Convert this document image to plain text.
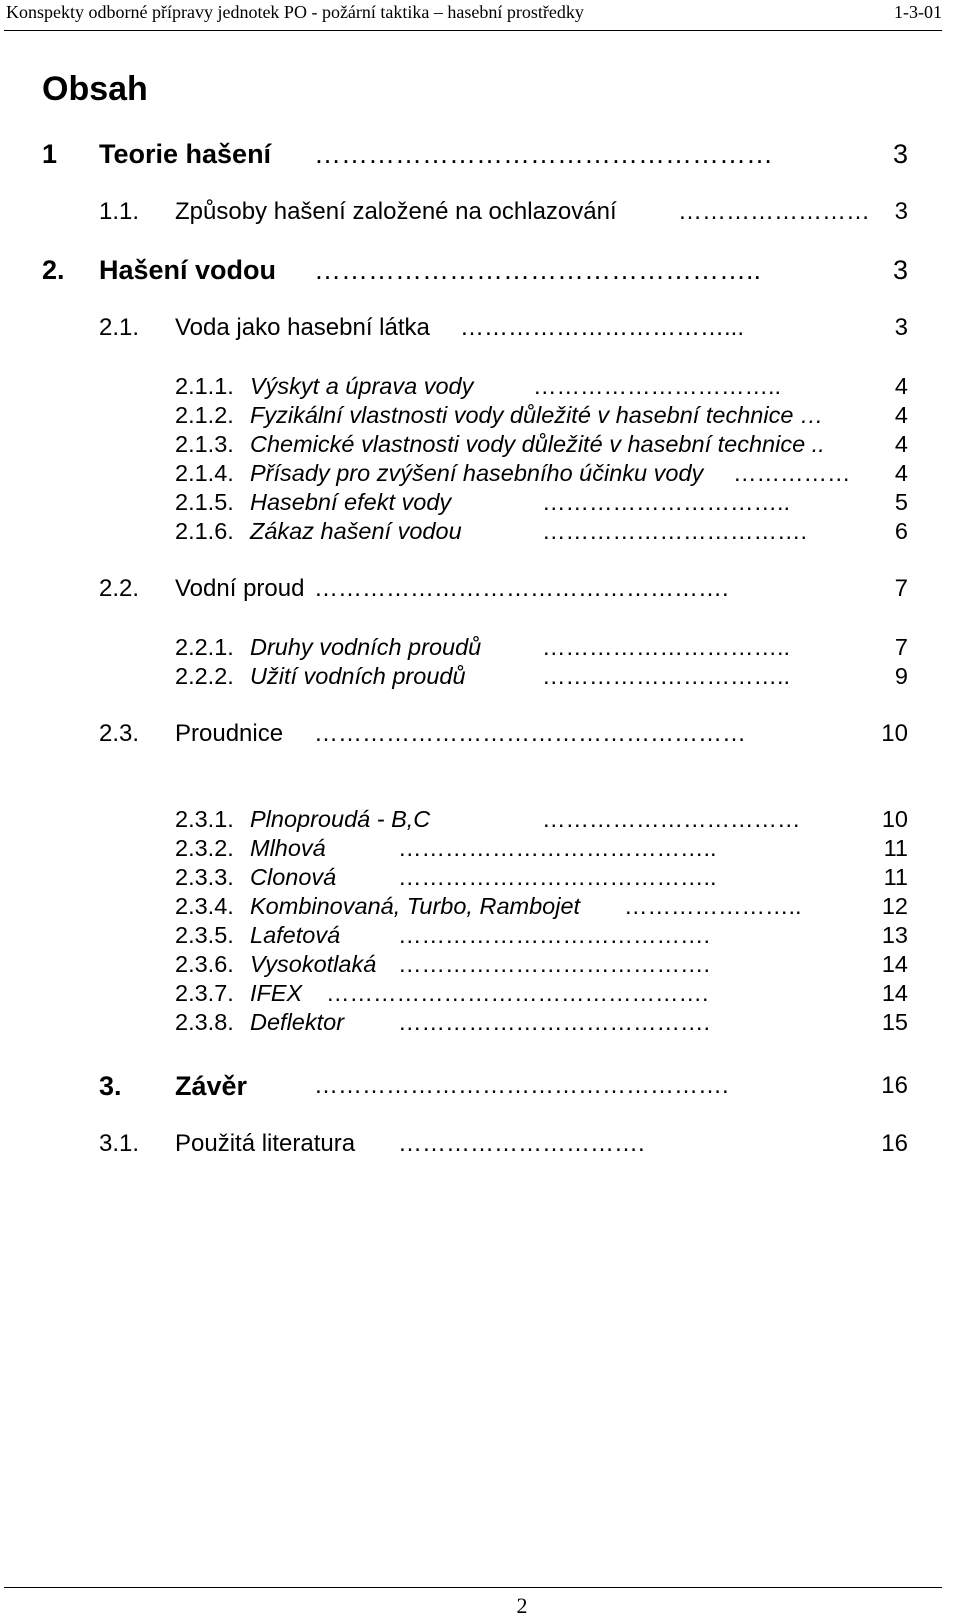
Konspekty odborné přípravy jednotek PO - požární taktika – hasební prostředky	1-3-01
Obsah
1 Teorie hašení ……………………………………………	3
1.1. Způsoby hašení založené na ochlazování	…………………… 3
2. Hašení vodou …………………………………………..	3
2.1. Voda jako hasební látka ……………………………...	3
2.1.1. Výskyt a úprava vody	…………………………..	4
2.1.2. Fyzikální vlastnosti vody důležité v hasební technice …	4
2.1.3. Chemické vlastnosti vody důležité v hasební technice ..	4
2.1.4. Přísady pro zvýšení hasebního účinku vody …………… 4
2.1.5. Hasební efekt vody	…………………………..	5
2.1.6. Zákaz hašení vodou	…………………………….	6
2.2. Vodní proud …………………………………………….	7
2.2.1. Druhy vodních proudů	…………………………..	7
2.2.2. Užití vodních proudů	…………………………..	9
2.3. Proudnice ………………………………………………	10
2.3.1. Plnoproudá - B,C	……………………………	10
2.3.2. Mlhová	…………………………………..	11
2.3.3. Clonová	…………………………………..	11
2.3.4. Kombinovaná, Turbo, Rambojet …………………..	12
2.3.5. Lafetová ………………………………….	13
2.3.6. Vysokotlaká ………………………………….	14
2.3.7. IFEX ………………………………………….	14
2.3.8. Deflektor ………………………………….	15
3. Závěr	…………………………………………….	16
3.1. Použitá literatura ………………………….	16
2
